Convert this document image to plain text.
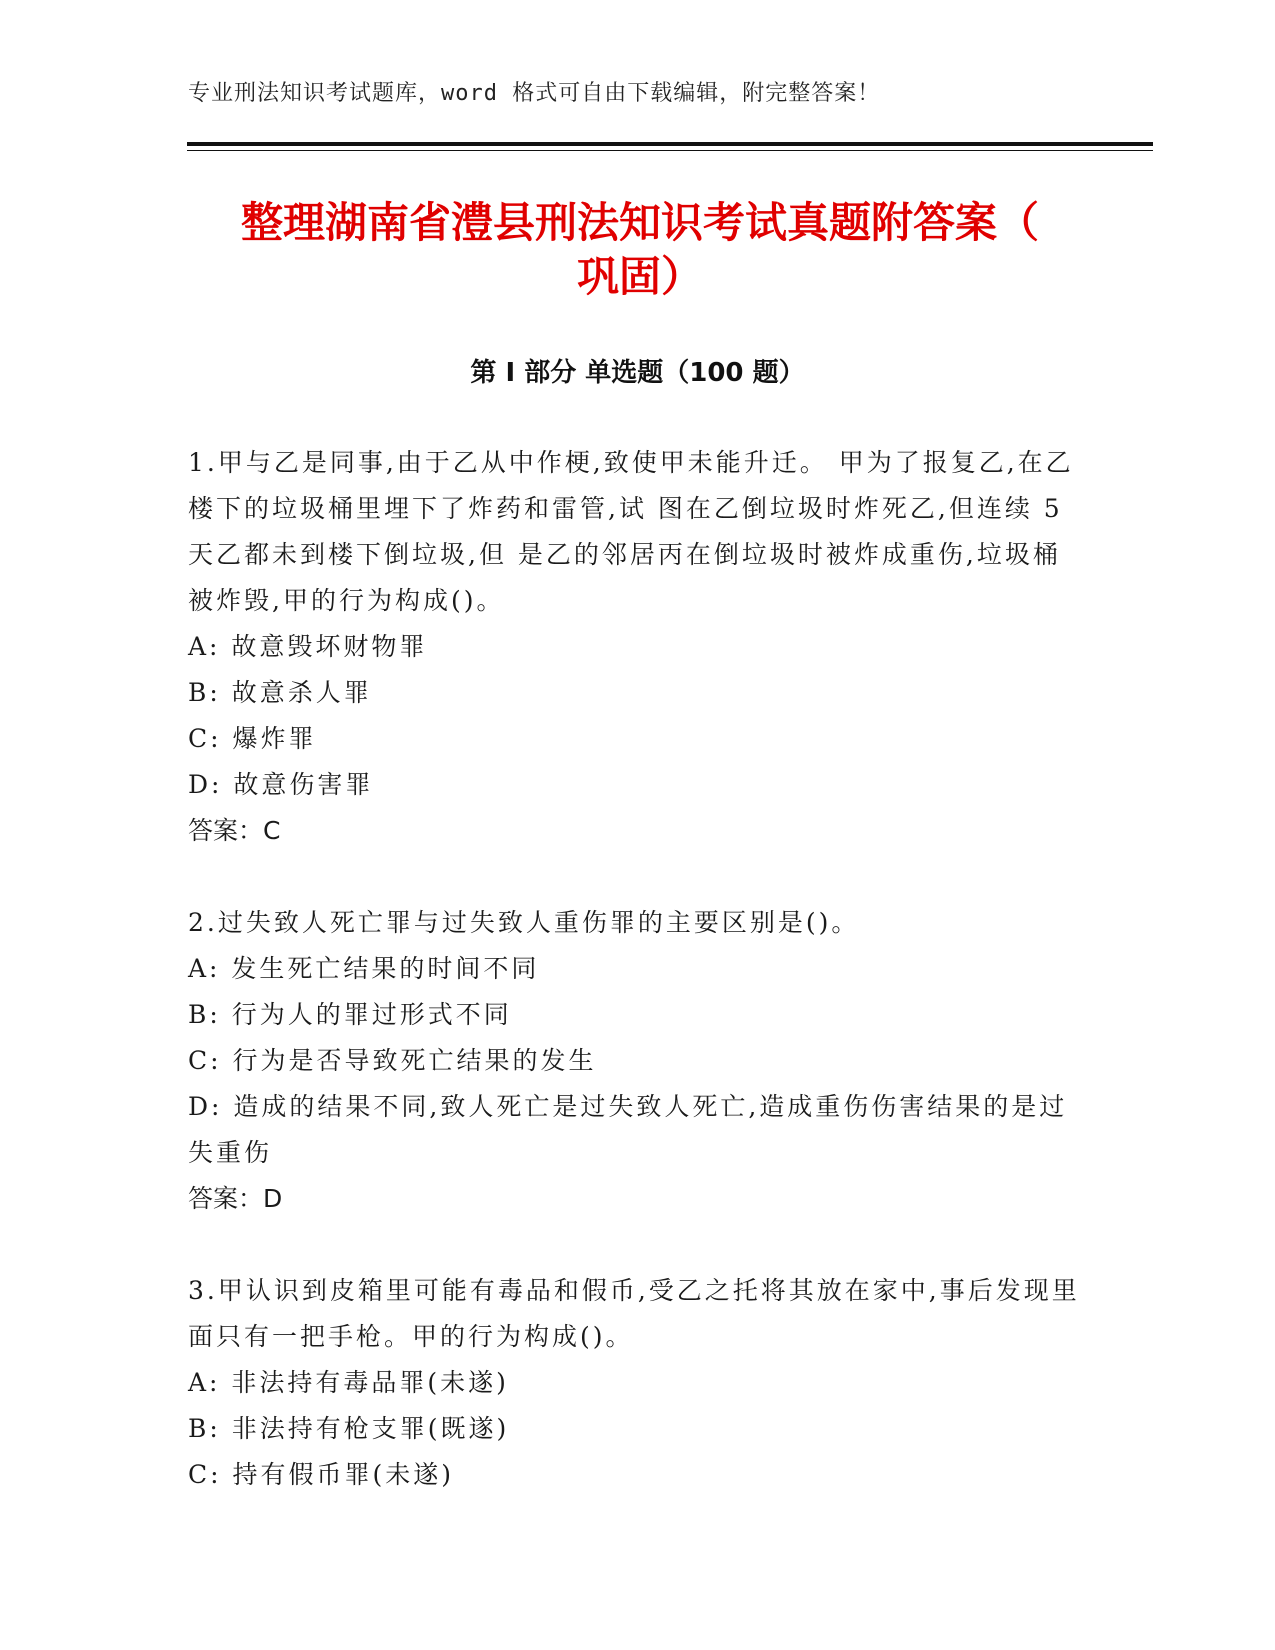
专业刑法知识考试题库，word 格式可自由下载编辑，附完整答案！
整理湖南省澧县刑法知识考试真题附答案（
巩固）
第 I 部分 单选题（100 题）

1.甲与乙是同事,由于乙从中作梗,致使甲未能升迁。 甲为了报复乙,在乙楼下的垃圾桶里埋下了炸药和雷管,试 图在乙倒垃圾时炸死乙,但连续 5 天乙都未到楼下倒垃圾,但 是乙的邻居丙在倒垃圾时被炸成重伤,垃圾桶被炸毁,甲的行为构成()。

A: 故意毁坏财物罪

B: 故意杀人罪

C: 爆炸罪

D: 故意伤害罪

答案：C

2.过失致人死亡罪与过失致人重伤罪的主要区别是()。

A: 发生死亡结果的时间不同

B: 行为人的罪过形式不同

C: 行为是否导致死亡结果的发生

D: 造成的结果不同,致人死亡是过失致人死亡,造成重伤伤害结果的是过失重伤

答案：D

3.甲认识到皮箱里可能有毒品和假币,受乙之托将其放在家中,事后发现里面只有一把手枪。甲的行为构成()。

A: 非法持有毒品罪(未遂)

B: 非法持有枪支罪(既遂)

C: 持有假币罪(未遂)
